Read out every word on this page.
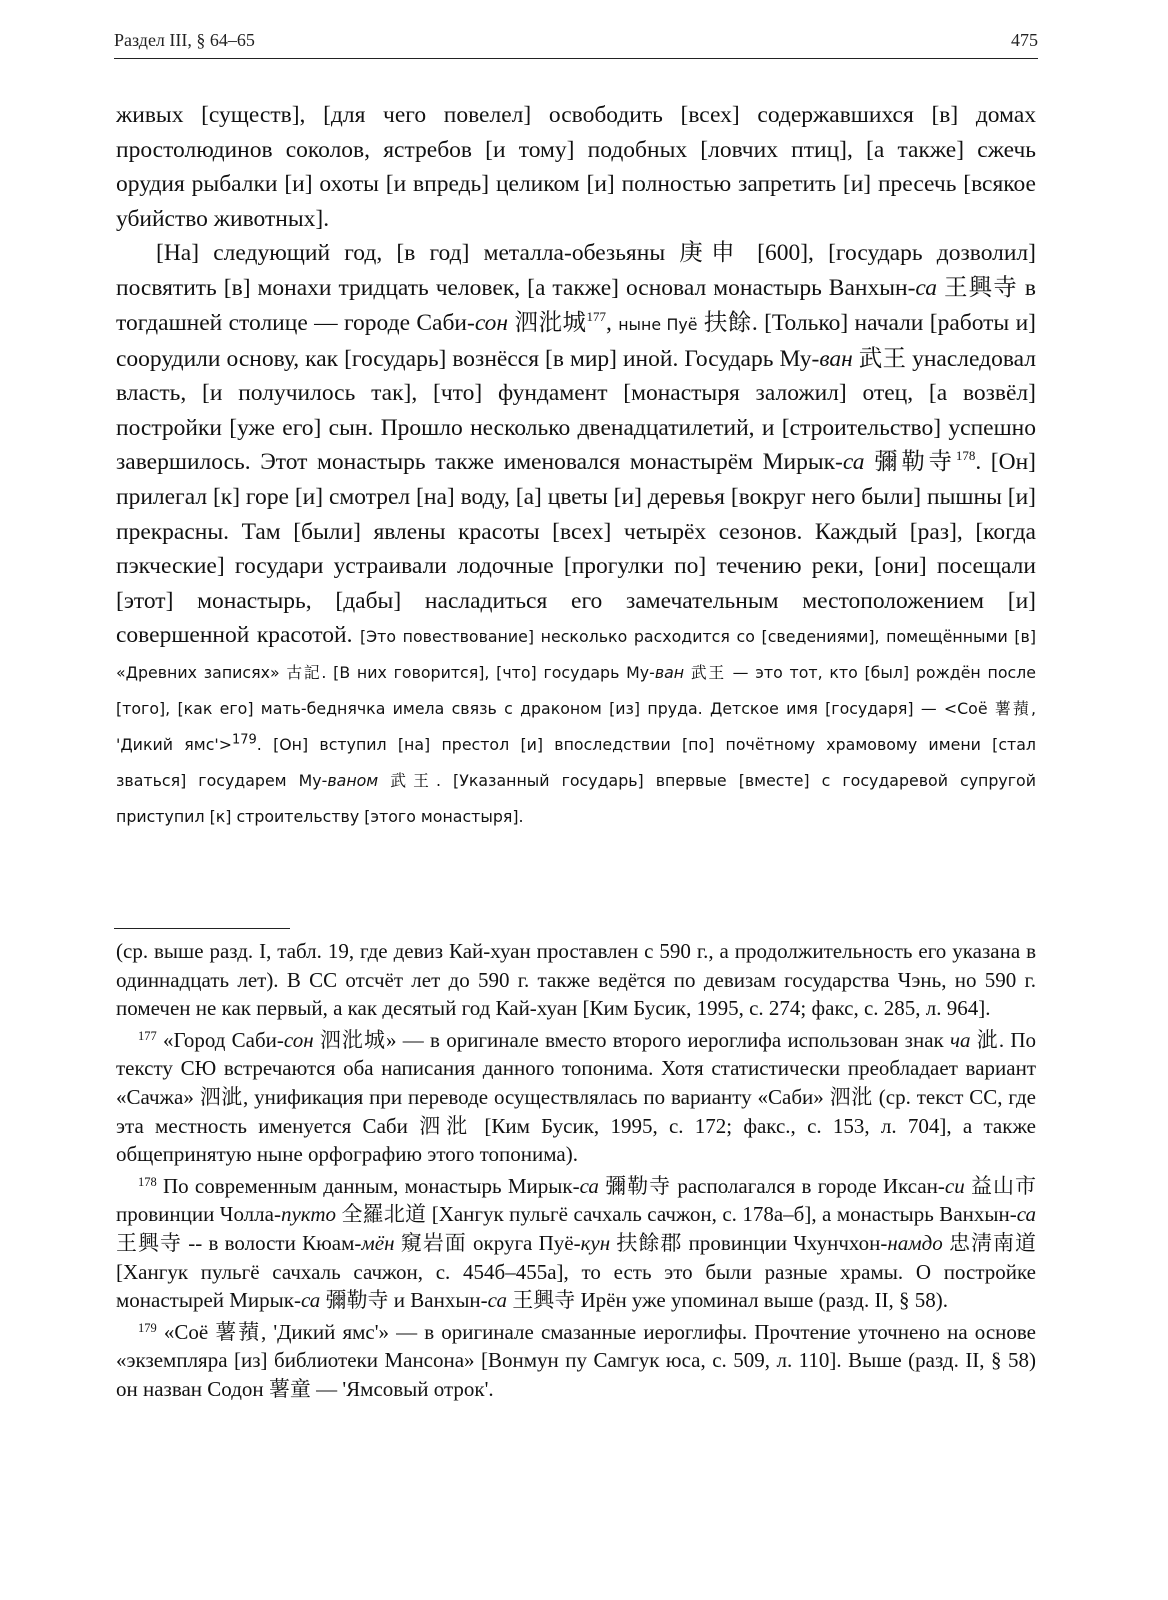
Раздел III, § 64–65	475

живых [существ], [для чего повелел] освободить [всех] содержавшихся [в] домах простолюдинов соколов, ястребов [и тому] подобных [ловчих птиц], [а также] сжечь орудия рыбалки [и] охоты [и впредь] целиком [и] полностью запретить [и] пресечь [всякое убийство животных].

[На] следующий год, [в год] металла-обезьяны 庚申 [600], [государь дозволил] посвятить [в] монахи тридцать человек, [а также] основал монастырь Ванхын-са 王興寺 в тогдашней столице — городе Саби-сон 泗沘城$^{177}$, ныне Пуё 扶餘. [Только] начали [работы и] соорудили основу, как [государь] вознёсся [в мир] иной. Государь Му-ван 武王 унаследовал власть, [и получилось так], [что] фундамент [монастыря заложил] отец, [а возвёл] постройки [уже его] сын. Прошло несколько двенадцатилетий, и [строительство] успешно завершилось. Этот монастырь также именовался монастырём Мирык-са 彌勒寺$^{178}$. [Он] прилегал [к] горе [и] смотрел [на] воду, [а] цветы [и] деревья [вокруг него были] пышны [и] прекрасны. Там [были] явлены красоты [всех] четырёх сезонов. Каждый [раз], [когда пэкческие] государи устраивали лодочные [прогулки по] течению реки, [они] посещали [этот] монастырь, [дабы] насладиться его замечательным местоположением [и] совершенной красотой. [Это повествование] несколько расходится со [сведениями], помещёнными [в] «Древних записях» 古記. [В них говорится], [что] государь Му-ван 武王 — это тот, кто [был] рождён после [того], [как его] мать-беднячка имела связь с драконом [из] пруда. Детское имя [государя] — <Соё 薯蕷, 'Дикий ямс'>$^{179}$. [Он] вступил [на] престол [и] впоследствии [по] почётному храмовому имени [стал зваться] государем Му-ваном 武王. [Указанный государь] впервые [вместе] с государевой супругой приступил [к] строительству [этого монастыря].

(ср. выше разд. I, табл. 19, где девиз Кай-хуан проставлен с 590 г., а продолжительность его указана в одиннадцать лет). В СС отсчёт лет до 590 г. также ведётся по девизам государства Чэнь, но 590 г. помечен не как первый, а как десятый год Кай-хуан [Ким Бусик, 1995, с. 274; факс, с. 285, л. 964].

$^{177}$ «Город Саби-сон 泗沘城» — в оригинале вместо второго иероглифа использован знак ча 泚. По тексту СЮ встречаются оба написания данного топонима. Хотя статистически преобладает вариант «Сачжа» 泗泚, унификация при переводе осуществлялась по варианту «Саби» 泗沘 (ср. текст СС, где эта местность именуется Саби 泗沘 [Ким Бусик, 1995, с. 172; факс., с. 153, л. 704], а также общепринятую ныне орфографию этого топонима).

$^{178}$ По современным данным, монастырь Мирык-са 彌勒寺 располагался в городе Иксан-си 益山市 провинции Чолла-пукто 全羅北道 [Хангук пульгё сачхаль сачжон, с. 178а–б], а монастырь Ванхын-са 王興寺 -- в волости Кюам-мён 窺岩面 округа Пуё-кун 扶餘郡 провинции Чхунчхон-намдо 忠淸南道 [Хангук пульгё сачхаль сачжон, с. 454б–455а], то есть это были разные храмы. О постройке монастырей Мирык-са 彌勒寺 и Ванхын-са 王興寺 Ирён уже упоминал выше (разд. II, § 58).

$^{179}$ «Соё 薯蕷, 'Дикий ямс'» — в оригинале смазанные иероглифы. Прочтение уточнено на основе «экземпляра [из] библиотеки Мансона» [Вонмун пу Самгук юса, с. 509, л. 110]. Выше (разд. II, § 58) он назван Содон 薯童 — 'Ямсовый отрок'.
